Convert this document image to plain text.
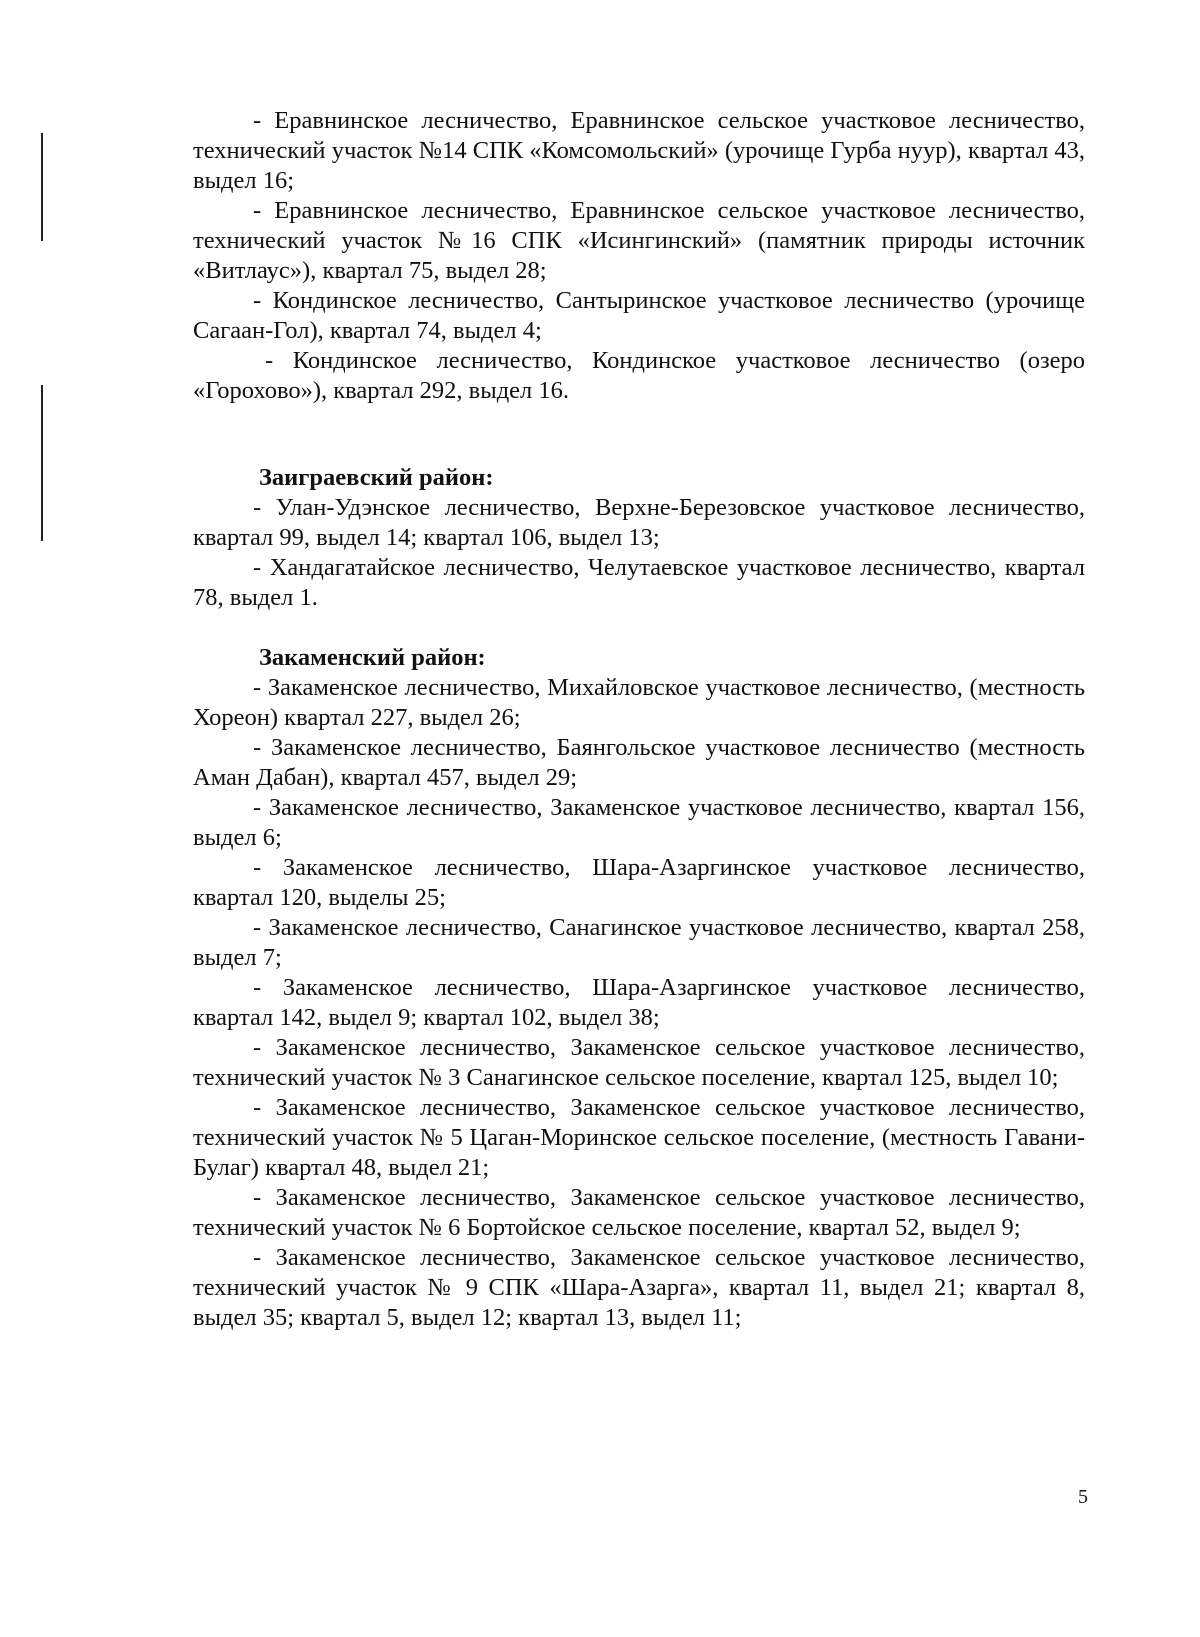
- Еравнинское лесничество, Еравнинское сельское участковое лесничество, технический участок №14 СПК «Комсомольский» (урочище Гурба нуур), квартал 43, выдел 16;

- Еравнинское лесничество, Еравнинское сельское участковое лесничество, технический участок №16 СПК «Исингинский» (памятник природы источник «Витлаус»), квартал 75, выдел 28;

- Кондинское лесничество, Сантыринское участковое лесничество (урочище Сагаан-Гол), квартал 74, выдел 4;

- Кондинское лесничество, Кондинское участковое лесничество (озеро «Горохово»), квартал 292, выдел 16.

Заиграевский район:

- Улан-Удэнское лесничество, Верхне-Березовское участковое лесничество, квартал 99, выдел 14; квартал 106, выдел 13;

- Хандагатайское лесничество, Челутаевское участковое лесничество, квартал 78, выдел 1.

Закаменский район:

- Закаменское лесничество, Михайловское участковое лесничество, (местность Хореон) квартал 227, выдел 26;

- Закаменское лесничество, Баянгольское участковое лесничество (местность Аман Дабан), квартал 457, выдел 29;

- Закаменское лесничество, Закаменское участковое лесничество, квартал 156, выдел 6;

- Закаменское лесничество, Шара-Азаргинское участковое лесничество, квартал 120, выделы 25;

- Закаменское лесничество, Санагинское участковое лесничество, квартал 258, выдел 7;

- Закаменское лесничество, Шара-Азаргинское участковое лесничество, квартал 142, выдел 9; квартал 102, выдел 38;

- Закаменское лесничество, Закаменское сельское участковое лесничество, технический участок № 3 Санагинское сельское поселение, квартал 125, выдел 10;

- Закаменское лесничество, Закаменское сельское участковое лесничество, технический участок № 5 Цаган-Моринское сельское поселение, (местность Гавани-Булаг) квартал 48, выдел 21;

- Закаменское лесничество, Закаменское сельское участковое лесничество, технический участок № 6 Бортойское сельское поселение, квартал 52, выдел 9;

- Закаменское лесничество, Закаменское сельское участковое лесничество, технический участок № 9 СПК «Шара-Азарга», квартал 11, выдел 21; квартал 8, выдел 35; квартал 5, выдел 12; квартал 13, выдел 11;

5
